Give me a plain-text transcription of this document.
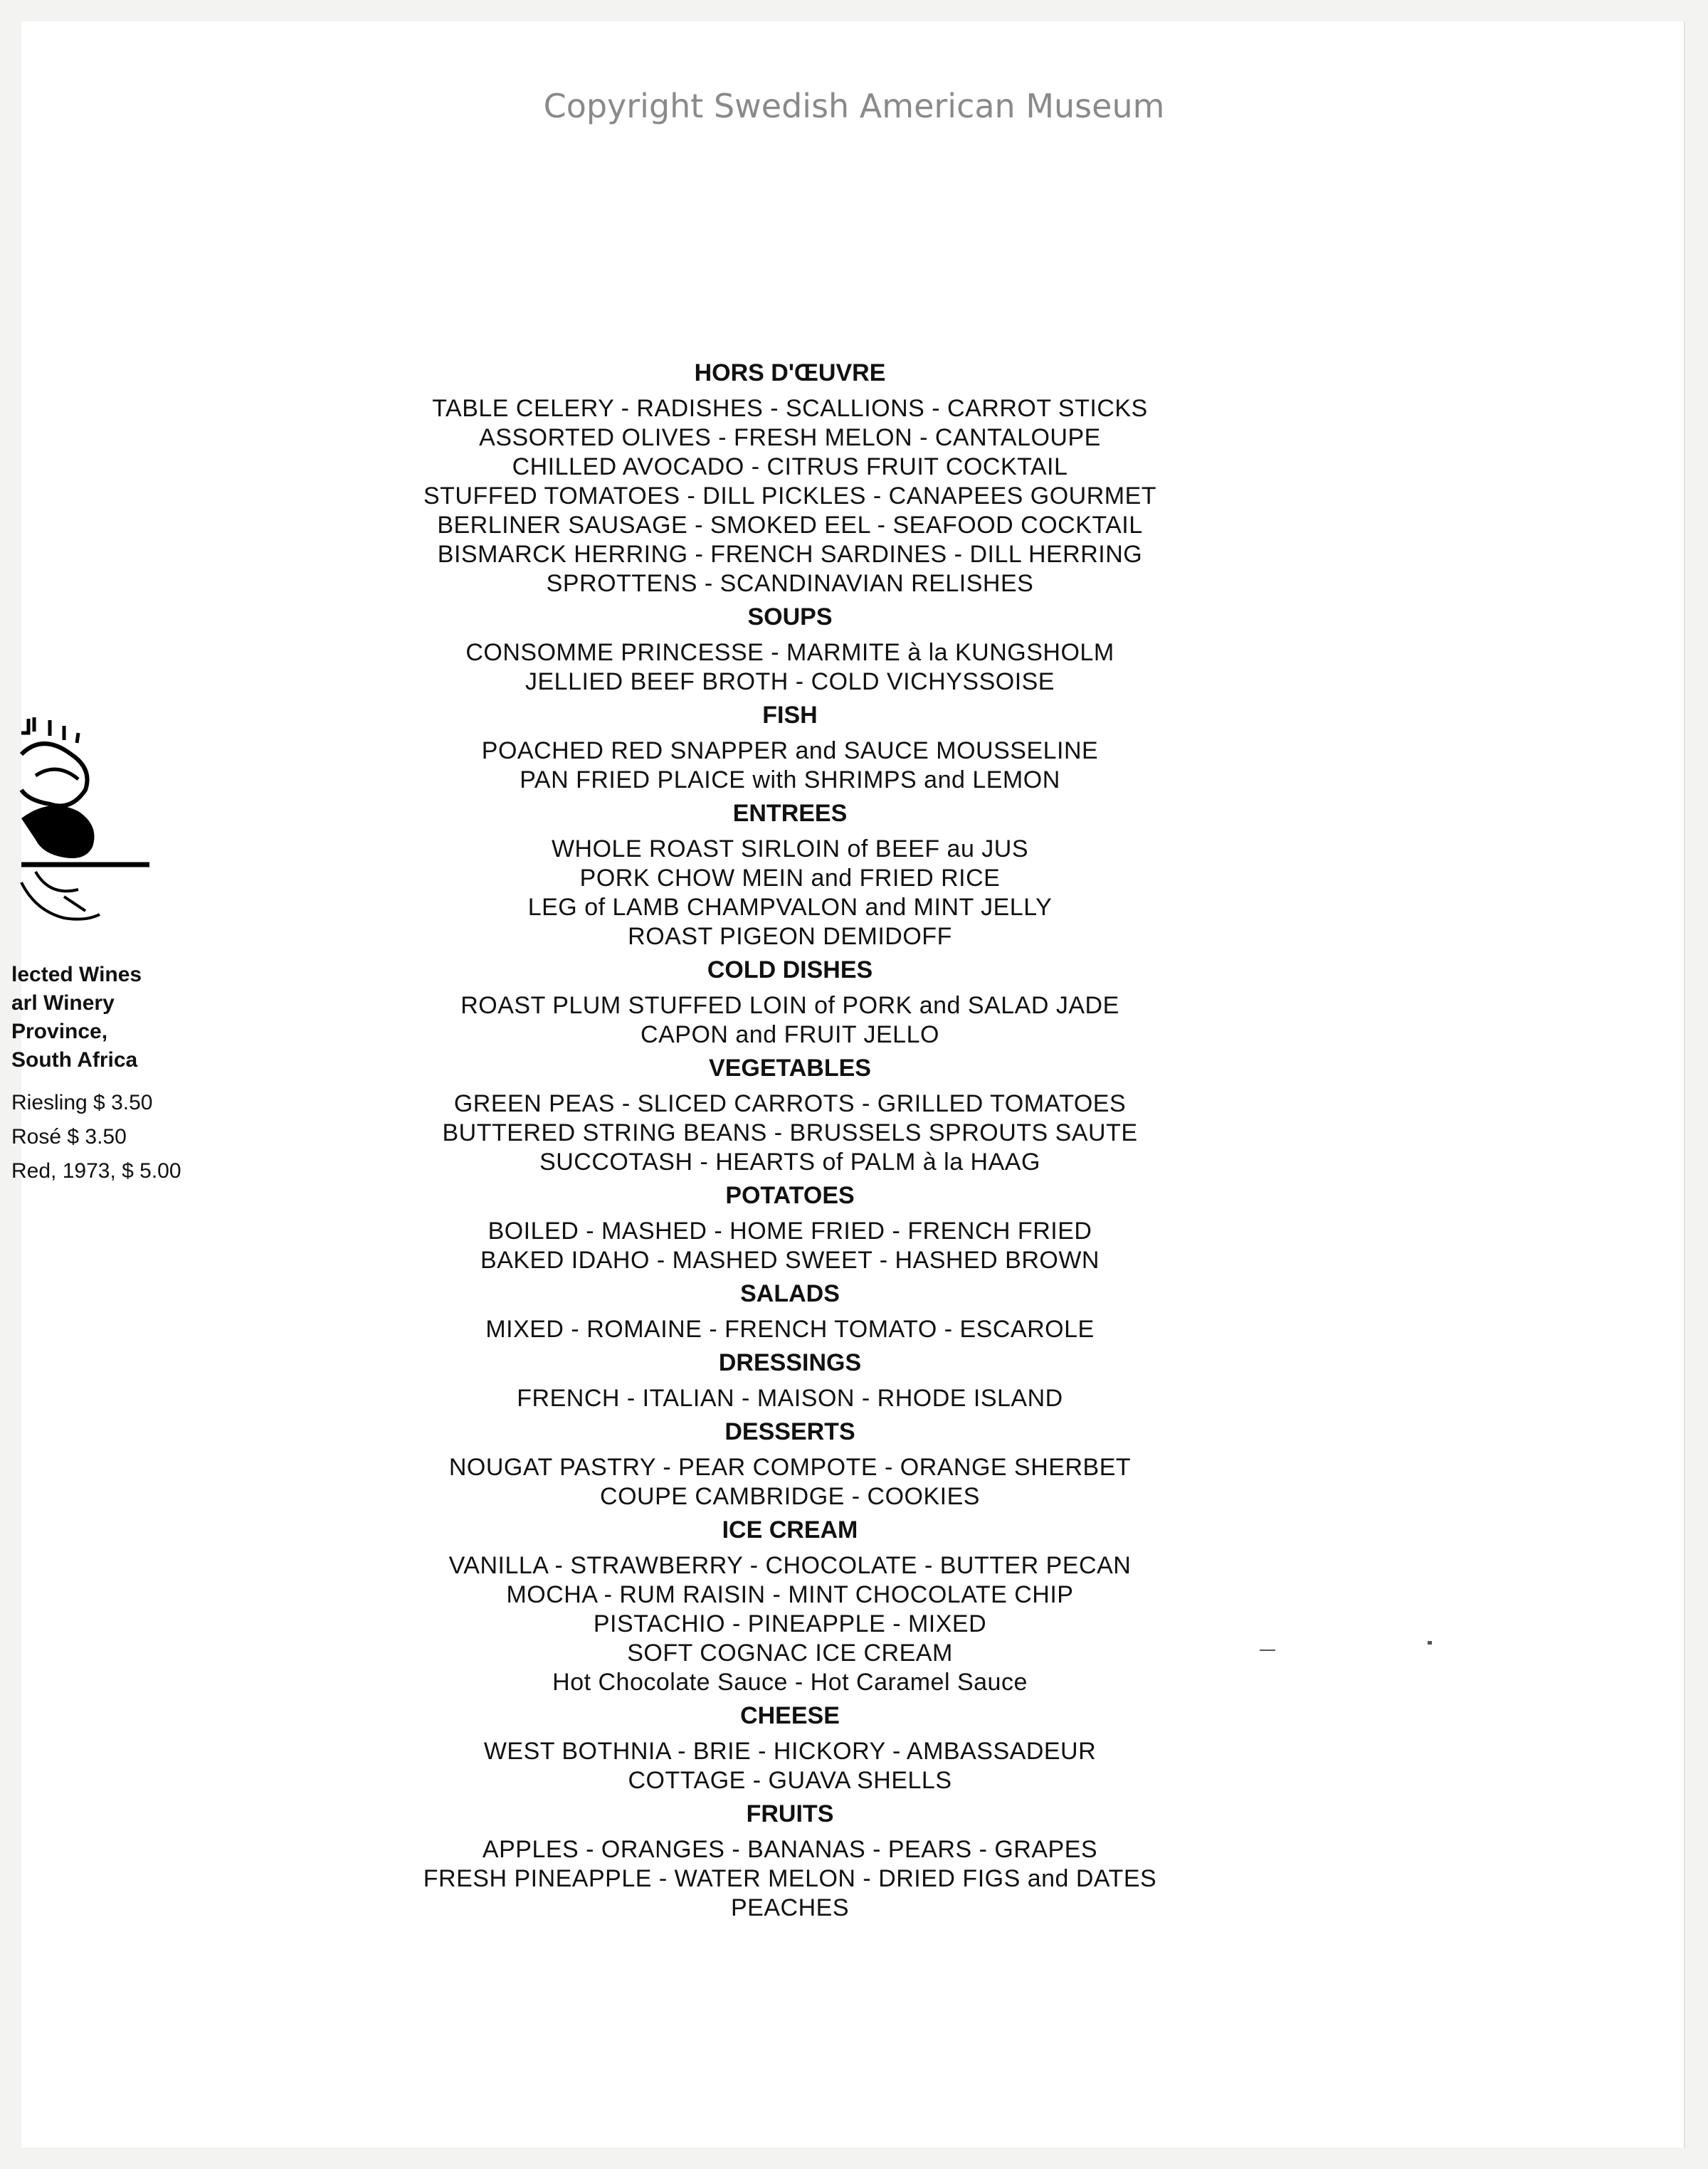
Copyright Swedish American Museum
lected Wines
arl Winery
Province,
South Africa
Riesling $ 3.50
Rosé $ 3.50
Red, 1973, $ 5.00
HORS D'ŒUVRE
TABLE CELERY - RADISHES - SCALLIONS - CARROT STICKS
ASSORTED OLIVES - FRESH MELON - CANTALOUPE
CHILLED AVOCADO - CITRUS FRUIT COCKTAIL
STUFFED TOMATOES - DILL PICKLES - CANAPEES GOURMET
BERLINER SAUSAGE - SMOKED EEL - SEAFOOD COCKTAIL
BISMARCK HERRING - FRENCH SARDINES - DILL HERRING
SPROTTENS - SCANDINAVIAN RELISHES
SOUPS
CONSOMME PRINCESSE - MARMITE à la KUNGSHOLM
JELLIED BEEF BROTH - COLD VICHYSSOISE
FISH
POACHED RED SNAPPER and SAUCE MOUSSELINE
PAN FRIED PLAICE with SHRIMPS and LEMON
ENTREES
WHOLE ROAST SIRLOIN of BEEF au JUS
PORK CHOW MEIN and FRIED RICE
LEG of LAMB CHAMPVALON and MINT JELLY
ROAST PIGEON DEMIDOFF
COLD DISHES
ROAST PLUM STUFFED LOIN of PORK and SALAD JADE
CAPON and FRUIT JELLO
VEGETABLES
GREEN PEAS - SLICED CARROTS - GRILLED TOMATOES
BUTTERED STRING BEANS - BRUSSELS SPROUTS SAUTE
SUCCOTASH - HEARTS of PALM à la HAAG
POTATOES
BOILED - MASHED - HOME FRIED - FRENCH FRIED
BAKED IDAHO - MASHED SWEET - HASHED BROWN
SALADS
MIXED - ROMAINE - FRENCH TOMATO - ESCAROLE
DRESSINGS
FRENCH - ITALIAN - MAISON - RHODE ISLAND
DESSERTS
NOUGAT PASTRY - PEAR COMPOTE - ORANGE SHERBET
COUPE CAMBRIDGE - COOKIES
ICE CREAM
VANILLA - STRAWBERRY - CHOCOLATE - BUTTER PECAN
MOCHA - RUM RAISIN - MINT CHOCOLATE CHIP
PISTACHIO - PINEAPPLE - MIXED
SOFT COGNAC ICE CREAM
Hot Chocolate Sauce - Hot Caramel Sauce
CHEESE
WEST BOTHNIA - BRIE - HICKORY - AMBASSADEUR
COTTAGE - GUAVA SHELLS
FRUITS
APPLES - ORANGES - BANANAS - PEARS - GRAPES
FRESH PINEAPPLE - WATER MELON - DRIED FIGS and DATES
PEACHES
